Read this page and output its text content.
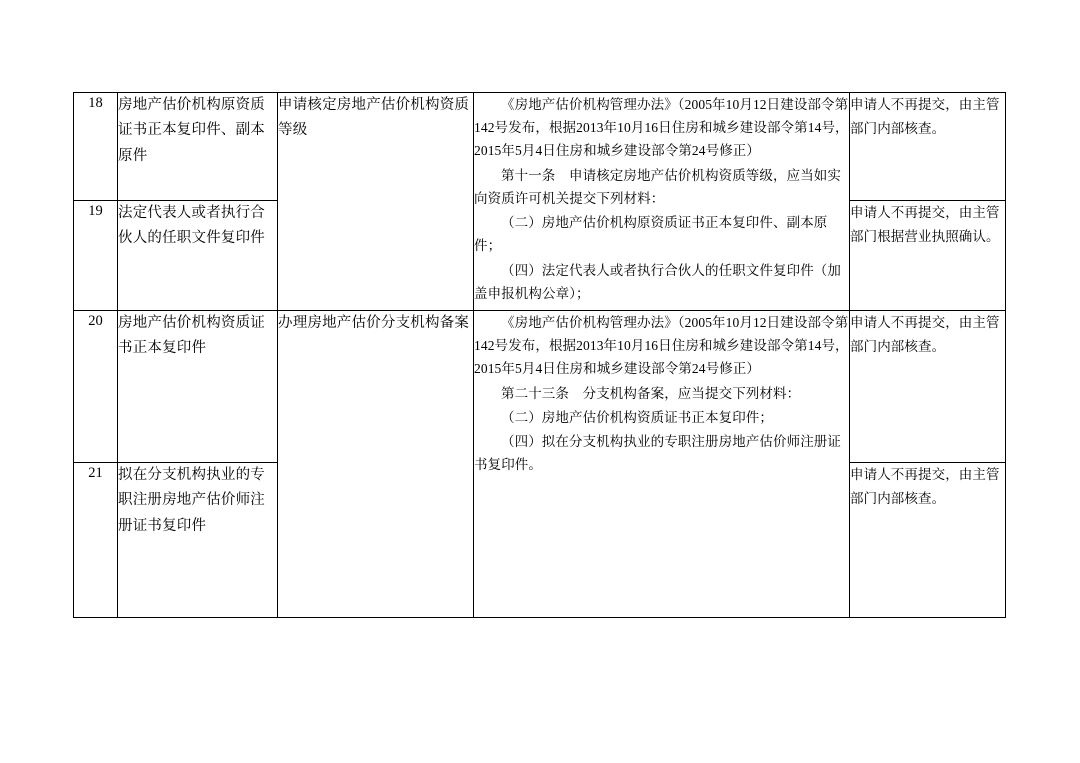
18	房地产估价机构原资质证书正本复印件、副本原件	申请核定房地产估价机构资质等级	《房地产估价机构管理办法》（2005年10月12日建设部令第142号发布，根据2013年10月16日住房和城乡建设部令第14号，2015年5月4日住房和城乡建设部令第24号修正）

第十一条　申请核定房地产估价机构资质等级，应当如实向资质许可机关提交下列材料：

（二）房地产估价机构原资质证书正本复印件、副本原件；

（四）法定代表人或者执行合伙人的任职文件复印件（加盖申报机构公章）；	申请人不再提交，由主管部门内部核查。
19	法定代表人或者执行合伙人的任职文件复印件			申请人不再提交，由主管部门根据营业执照确认。
20	房地产估价机构资质证书正本复印件	办理房地产估价分支机构备案	《房地产估价机构管理办法》（2005年10月12日建设部令第142号发布，根据2013年10月16日住房和城乡建设部令第14号，2015年5月4日住房和城乡建设部令第24号修正）

第二十三条　分支机构备案，应当提交下列材料：

（二）房地产估价机构资质证书正本复印件；

（四）拟在分支机构执业的专职注册房地产估价师注册证书复印件。	申请人不再提交，由主管部门内部核查。
21	拟在分支机构执业的专职注册房地产估价师注册证书复印件			申请人不再提交，由主管部门内部核查。
